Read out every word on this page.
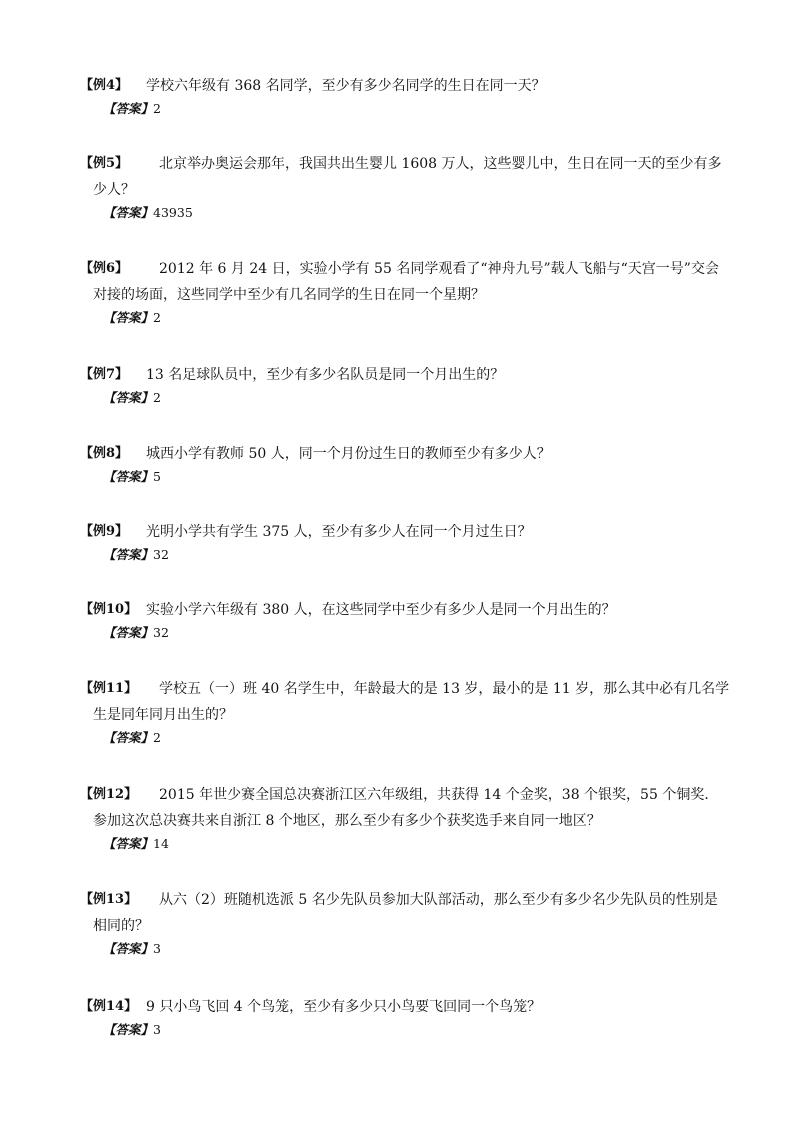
【例4】	学校六年级有 368 名同学，至少有多少名同学的生日在同一天？
【答案】2
【例5】	北京举办奥运会那年，我国共出生婴儿 1608 万人，这些婴儿中，生日在同一天的至少有多少人？
【答案】43935
【例6】	2012 年 6 月 24 日，实验小学有 55 名同学观看了“神舟九号”载人飞船与“天宫一号”交会对接的场面，这些同学中至少有几名同学的生日在同一个星期？
【答案】2
【例7】	13 名足球队员中，至少有多少名队员是同一个月出生的？
【答案】2
【例8】	城西小学有教师 50 人，同一个月份过生日的教师至少有多少人？
【答案】5
【例9】	光明小学共有学生 375 人，至少有多少人在同一个月过生日？
【答案】32
【例10】 实验小学六年级有 380 人，在这些同学中至少有多少人是同一个月出生的？
【答案】32
【例11】	学校五（一）班 40 名学生中，年龄最大的是 13 岁，最小的是 11 岁，那么其中必有几名学生是同年同月出生的？
【答案】2
【例12】	2015 年世少赛全国总决赛浙江区六年级组，共获得 14 个金奖，38 个银奖，55 个铜奖．参加这次总决赛共来自浙江 8 个地区，那么至少有多少个获奖选手来自同一地区？
【答案】14
【例13】	从六（2）班随机选派 5 名少先队员参加大队部活动，那么至少有多少名少先队员的性别是相同的？
【答案】3
【例14】 9 只小鸟飞回 4 个鸟笼，至少有多少只小鸟要飞回同一个鸟笼？
【答案】3
